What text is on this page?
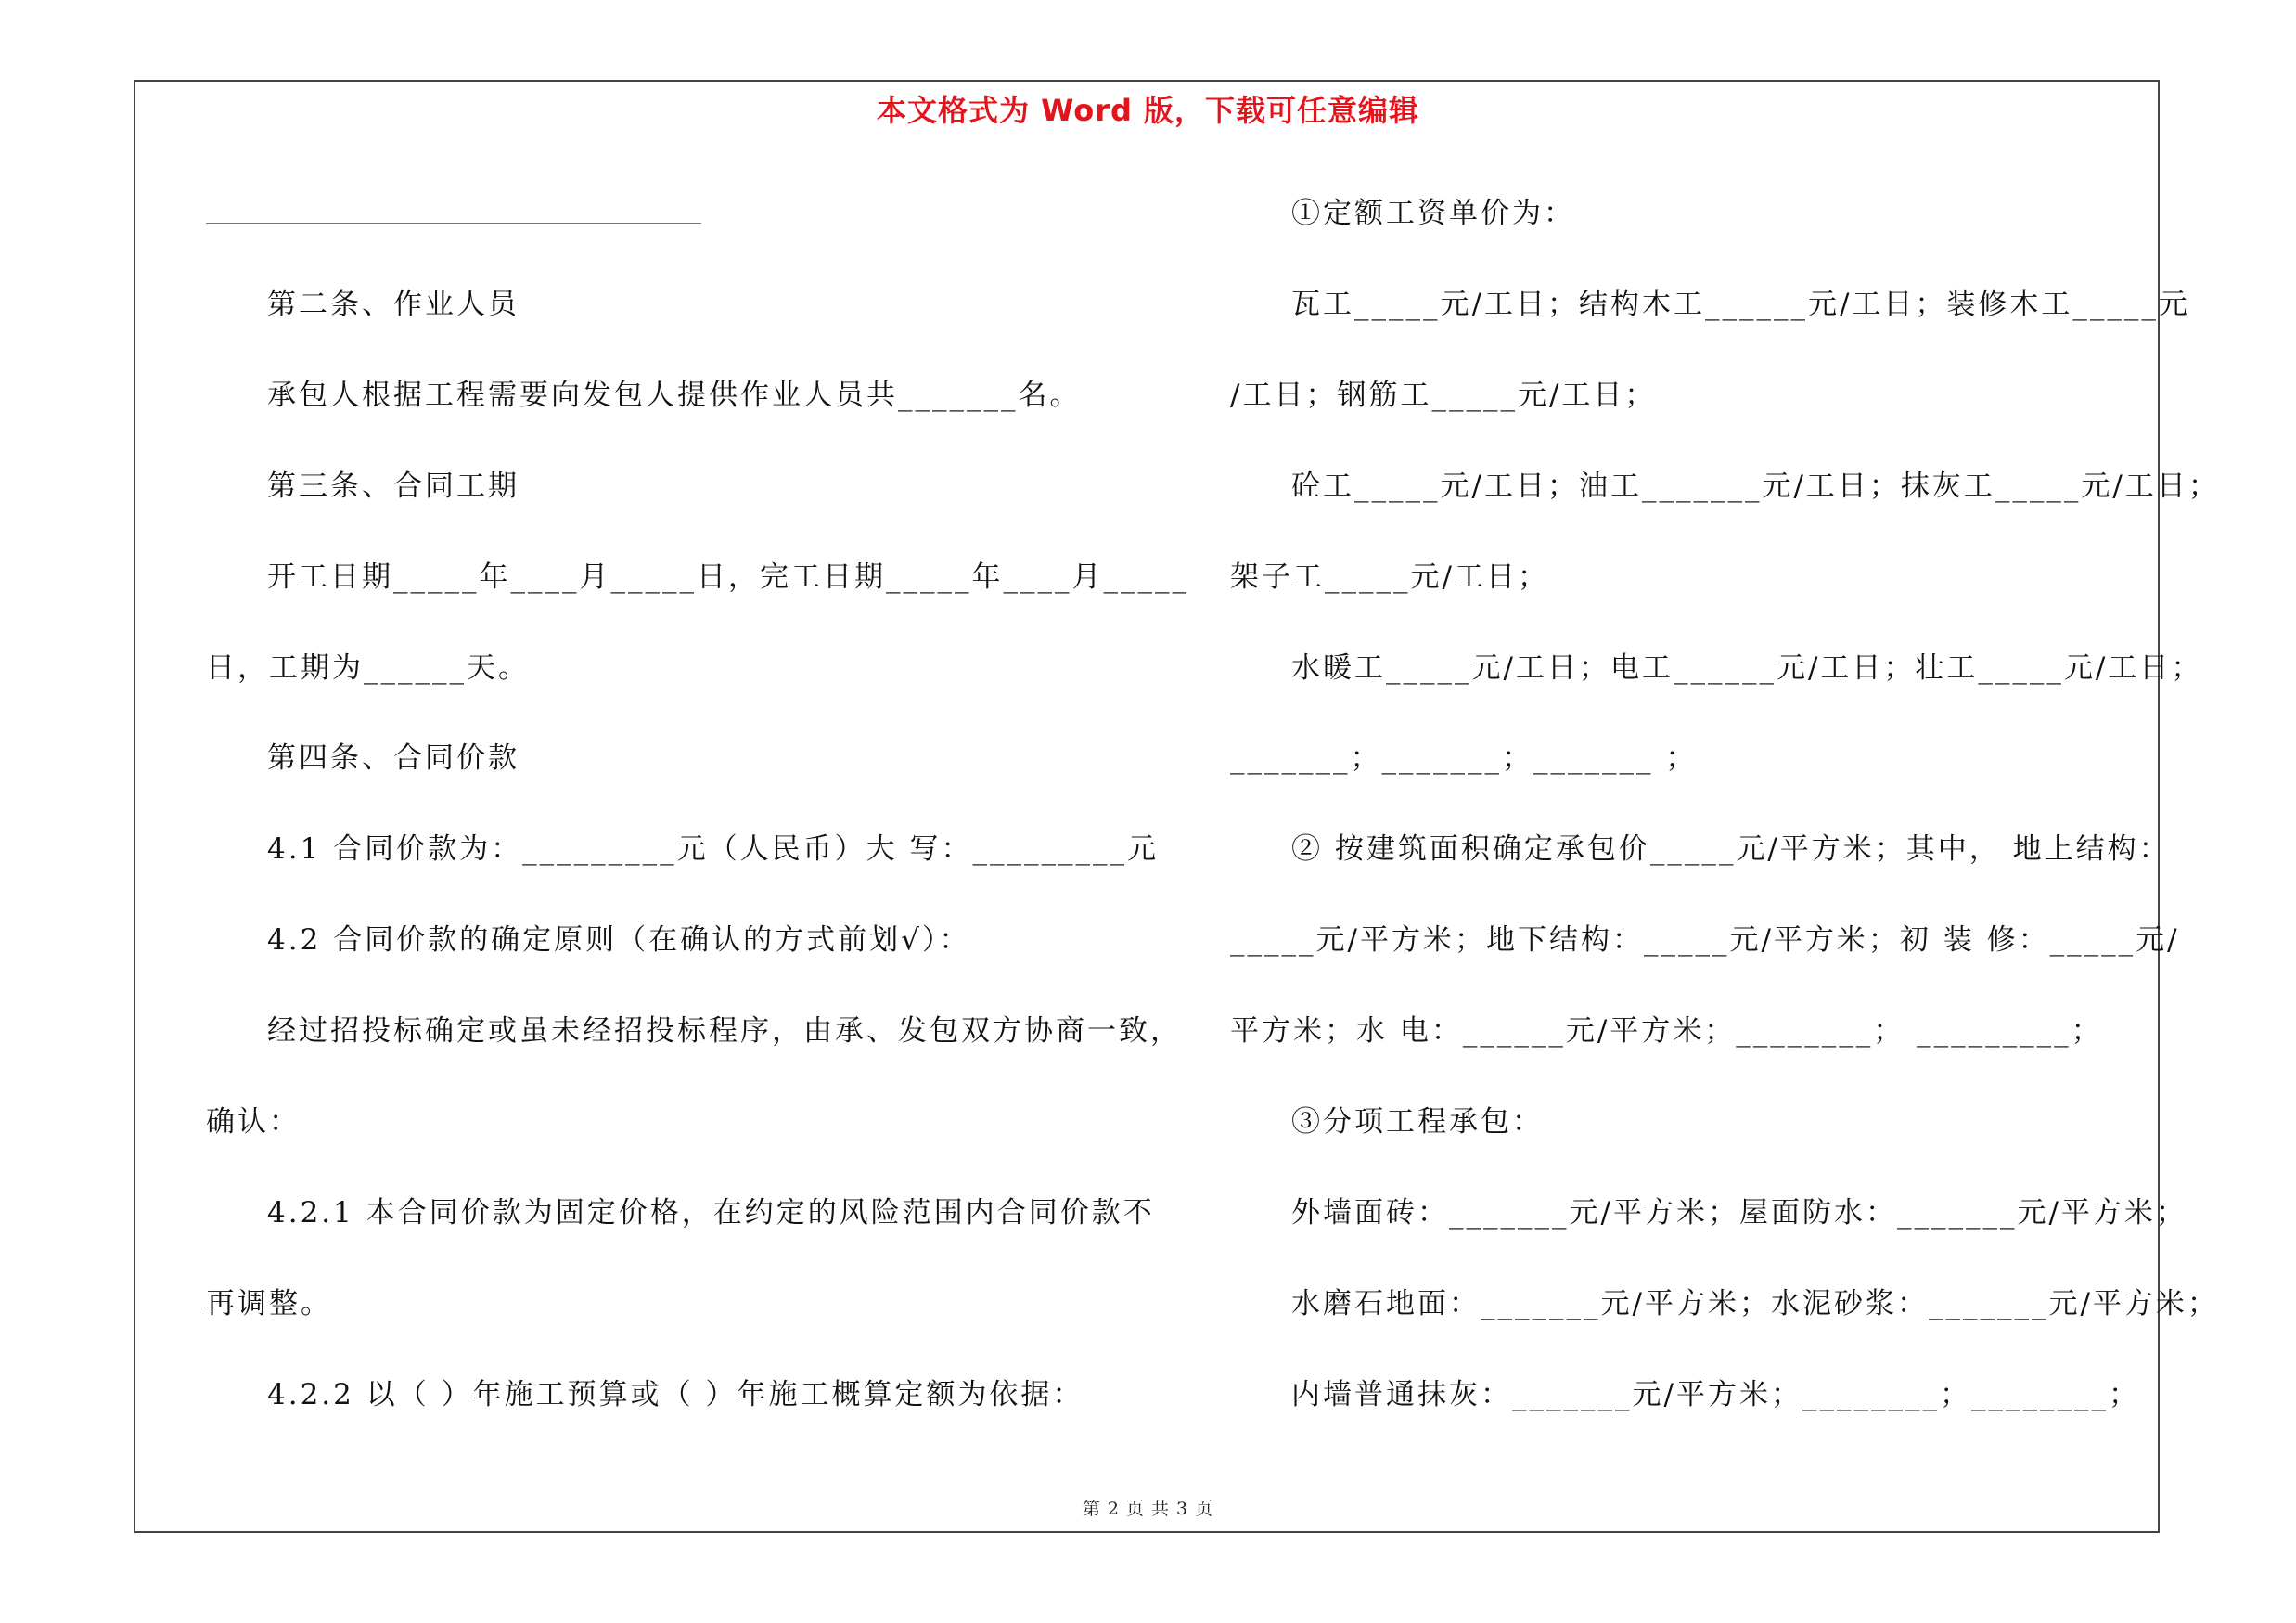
本文格式为 Word 版，下载可任意编辑
第二条、作业人员
承包人根据工程需要向发包人提供作业人员共_______名。
第三条、合同工期
开工日期_____年____月_____日，完工日期_____年____月_____
日，工期为______天。
第四条、合同价款
4.1 合同价款为：_________元（人民币）大 写：_________元
4.2 合同价款的确定原则（在确认的方式前划√）：
经过招投标确定或虽未经招投标程序，由承、发包双方协商一致，
确认：
4.2.1 本合同价款为固定价格，在约定的风险范围内合同价款不
再调整。
4.2.2 以（ ）年施工预算或（ ）年施工概算定额为依据：
①定额工资单价为：
瓦工_____元/工日；结构木工______元/工日；装修木工_____元
/工日；钢筋工_____元/工日；
砼工_____元/工日；油工_______元/工日；抹灰工_____元/工日；
架子工_____元/工日；
水暖工_____元/工日；电工______元/工日；壮工_____元/工日；
_______；_______；_______ ；
② 按建筑面积确定承包价_____元/平方米；其中， 地上结构：
_____元/平方米；地下结构：_____元/平方米；初 装 修：_____元/
平方米；水 电：______元/平方米；________； _________；
③分项工程承包：
外墙面砖：_______元/平方米；屋面防水：_______元/平方米；
水磨石地面：_______元/平方米；水泥砂浆：_______元/平方米；
内墙普通抹灰：_______元/平方米；________；________；
第 2 页 共 3 页
